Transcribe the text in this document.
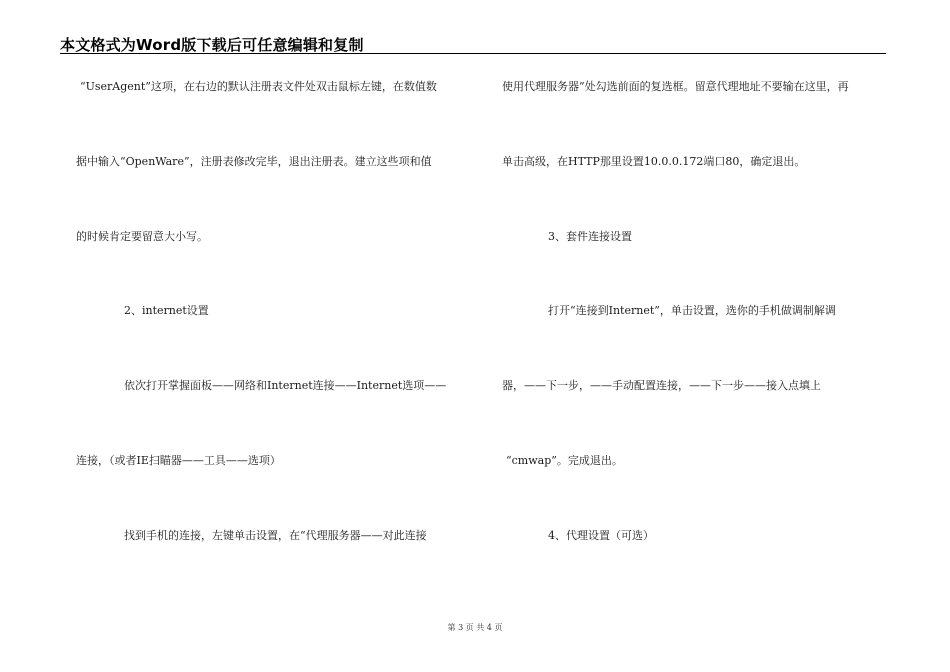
本文格式为Word版下载后可任意编辑和复制
“UserAgent”这项，在右边的默认注册表文件处双击鼠标左键，在数值数
据中输入“OpenWare”，注册表修改完毕，退出注册表。建立这些项和值
的时候肯定要留意大小写。
2、internet设置
依次打开掌握面板——网络和Internet连接——Internet选项——
连接，（或者IE扫瞄器——工具——选项）
找到手机的连接，左键单击设置，在“代理服务器——对此连接
使用代理服务器”处勾选前面的复选框。留意代理地址不要输在这里，再
单击高级，在HTTP那里设置10.0.0.172端口80，确定退出。
3、套件连接设置
打开“连接到Internet”，单击设置，选你的手机做调制解调
器，——下一步，——手动配置连接，——下一步——接入点填上
“cmwap”。完成退出。
4、代理设置（可选）
第 3 页 共 4 页
